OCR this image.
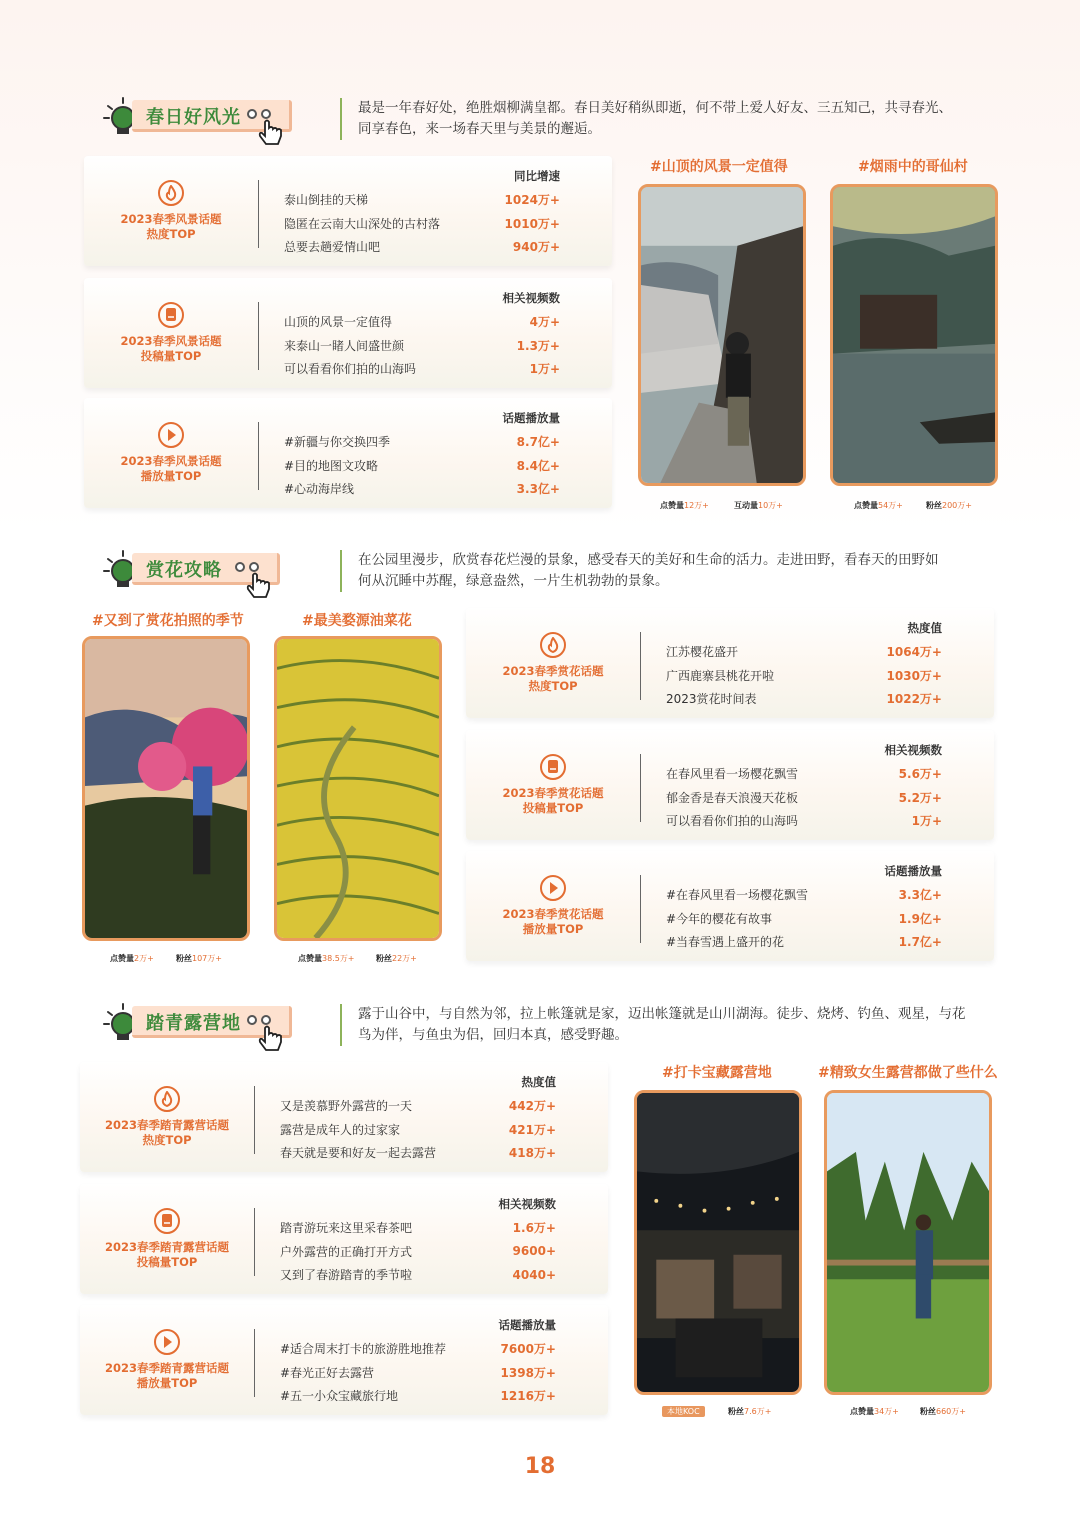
春日好风光	最是一年春好处，绝胜烟柳满皇都。春日美好稍纵即逝，何不带上爱人好友、三五知己，共寻春光、
同享春色，来一场春天里与美景的邂逅。
2023春季风景话题
热度TOP
同比增速
泰山倒挂的天梯	1024万+
隐匿在云南大山深处的古村落	1010万+
总要去趟爱情山吧	940万+
2023春季风景话题
投稿量TOP
相关视频数
山顶的风景一定值得	4万+
来泰山一睹人间盛世颜	1.3万+
可以看看你们拍的山海吗	1万+
2023春季风景话题
播放量TOP
话题播放量
#新疆与你交换四季	8.7亿+
#目的地图文攻略	8.4亿+
#心动海岸线	3.3亿+
#山顶的风景一定值得
点赞量12万+	互动量10万+
#烟雨中的哥仙村
点赞量54万+	粉丝200万+
赏花攻略	在公园里漫步，欣赏春花烂漫的景象，感受春天的美好和生命的活力。走进田野，看春天的田野如
何从沉睡中苏醒，绿意盎然，一片生机勃勃的景象。
#又到了赏花拍照的季节
点赞量2万+	粉丝107万+
#最美婺源油菜花
点赞量38.5万+	粉丝22万+
2023春季赏花话题
热度TOP
热度值
江苏樱花盛开	1064万+
广西鹿寨县桃花开啦	1030万+
2023赏花时间表	1022万+
2023春季赏花话题
投稿量TOP
相关视频数
在春风里看一场樱花飘雪	5.6万+
郁金香是春天浪漫天花板	5.2万+
可以看看你们拍的山海吗	1万+
2023春季赏花话题
播放量TOP
话题播放量
#在春风里看一场樱花飘雪	3.3亿+
#今年的樱花有故事	1.9亿+
#当春雪遇上盛开的花	1.7亿+
踏青露营地	露于山谷中，与自然为邻，拉上帐篷就是家，迈出帐篷就是山川湖海。徒步、烧烤、钓鱼、观星，与花
鸟为伴，与鱼虫为侣，回归本真，感受野趣。
2023春季踏青露营话题
热度TOP
热度值
又是羡慕野外露营的一天	442万+
露营是成年人的过家家	421万+
春天就是要和好友一起去露营	418万+
2023春季踏青露营话题
投稿量TOP
相关视频数
踏青游玩来这里采春茶吧	1.6万+
户外露营的正确打开方式	9600+
又到了春游踏青的季节啦	4040+
2023春季踏青露营话题
播放量TOP
话题播放量
#适合周末打卡的旅游胜地推荐	7600万+
#春光正好去露营	1398万+
#五一小众宝藏旅行地	1216万+
#打卡宝藏露营地
本地KOC	粉丝7.6万+
#精致女生露营都做了些什么
点赞量34万+	粉丝660万+
18
